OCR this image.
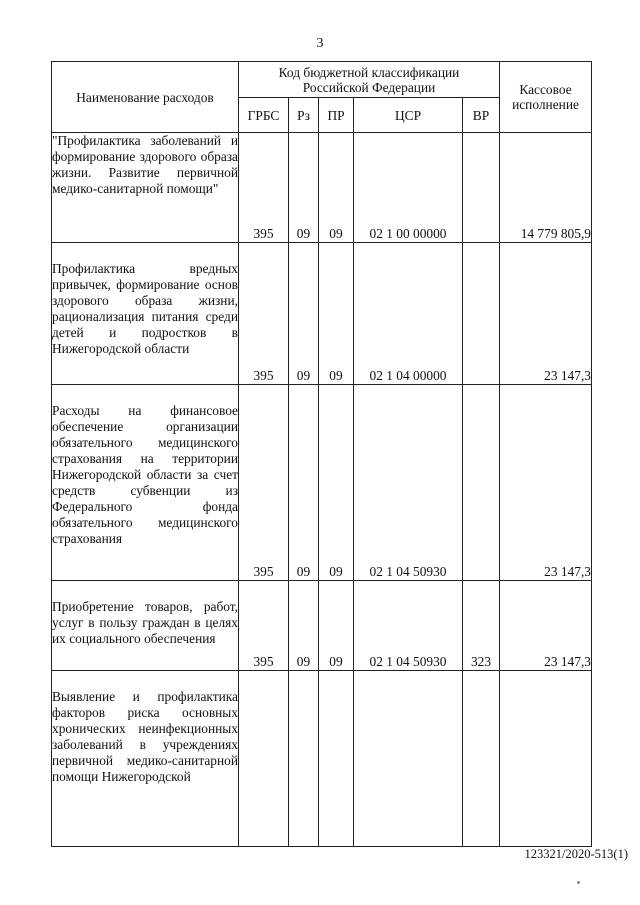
3
Наименование расходов	Код бюджетной классификации Российской Федерации					Кассовое исполнение
	ГРБС	Рз	ПР	ЦСР	ВР	
"Профилактика заболеваний и формирование здорового образа жизни. Развитие первичной медико-санитарной помощи"	395	09	09	02 1 00 00000		14 779 805,9
Профилактика вредных привычек, формирование основ здорового образа жизни, рационализация питания среди детей и подростков в Нижегородской области	395	09	09	02 1 04 00000		23 147,3
Расходы на финансовое обеспечение организации обязательного медицинского страхования на территории Нижегородской области за счет средств субвенции из Федерального фонда обязательного медицинского страхования	395	09	09	02 1 04 50930		23 147,3
Приобретение товаров, работ, услуг в пользу граждан в целях их социального обеспечения	395	09	09	02 1 04 50930	323	23 147,3
Выявление и профилактика факторов риска основных хронических неинфекционных заболеваний в учреждениях первичной медико-санитарной помощи Нижегородской						
123321/2020-513(1)
